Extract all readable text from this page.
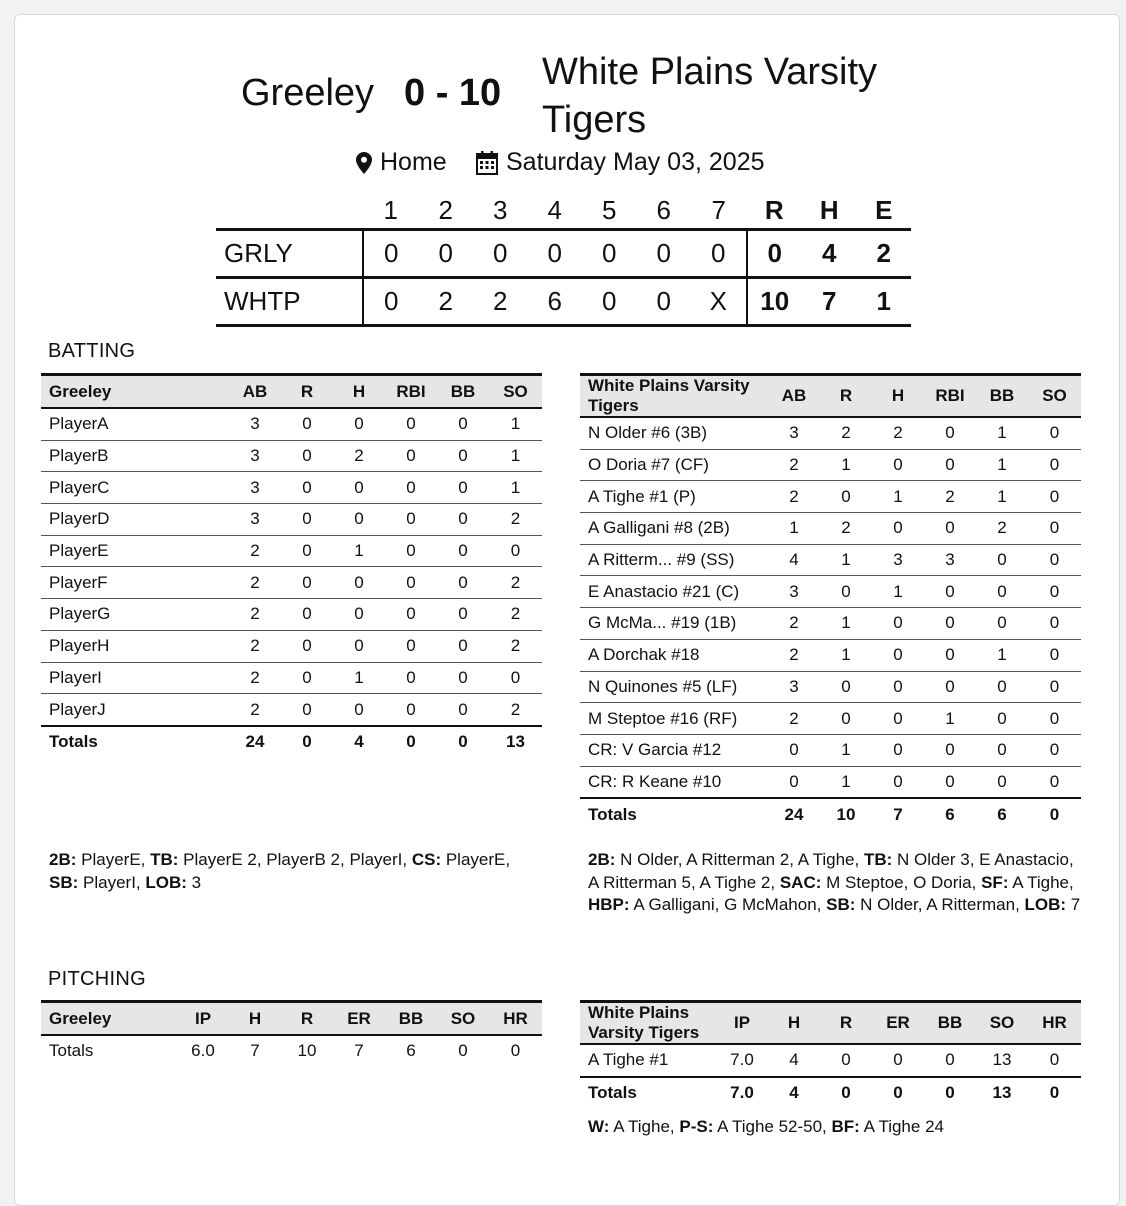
Greeley 0 - 10 White Plains Varsity Tigers
Home Saturday May 03, 2025
	1	2	3	4	5	6	7	R	H	E
GRLY	0	0	0	0	0	0	0	0	4	2
WHTP	0	2	2	6	0	0	X	10	7	1
BATTING
Greeley	AB	R	H	RBI	BB	SO
PlayerA	3	0	0	0	0	1
PlayerB	3	0	2	0	0	1
PlayerC	3	0	0	0	0	1
PlayerD	3	0	0	0	0	2
PlayerE	2	0	1	0	0	0
PlayerF	2	0	0	0	0	2
PlayerG	2	0	0	0	0	2
PlayerH	2	0	0	0	0	2
PlayerI	2	0	1	0	0	0
PlayerJ	2	0	0	0	0	2
Totals	24	0	4	0	0	13
White Plains Varsity Tigers	AB	R	H	RBI	BB	SO
N Older #6 (3B)	3	2	2	0	1	0
O Doria #7 (CF)	2	1	0	0	1	0
A Tighe #1 (P)	2	0	1	2	1	0
A Galligani #8 (2B)	1	2	0	0	2	0
A Ritterm... #9 (SS)	4	1	3	3	0	0
E Anastacio #21 (C)	3	0	1	0	0	0
G McMa... #19 (1B)	2	1	0	0	0	0
A Dorchak #18	2	1	0	0	1	0
N Quinones #5 (LF)	3	0	0	0	0	0
M Steptoe #16 (RF)	2	0	0	1	0	0
CR: V Garcia #12	0	1	0	0	0	0
CR: R Keane #10	0	1	0	0	0	0
Totals	24	10	7	6	6	0
2B: PlayerE, TB: PlayerE 2, PlayerB 2, PlayerI, CS: PlayerE, SB: PlayerI, LOB: 3
2B: N Older, A Ritterman 2, A Tighe, TB: N Older 3, E Anastacio, A Ritterman 5, A Tighe 2, SAC: M Steptoe, O Doria, SF: A Tighe, HBP: A Galligani, G McMahon, SB: N Older, A Ritterman, LOB: 7
PITCHING
Greeley	IP	H	R	ER	BB	SO	HR
Totals	6.0	7	10	7	6	0	0
White Plains Varsity Tigers	IP	H	R	ER	BB	SO	HR
A Tighe #1	7.0	4	0	0	0	13	0
Totals	7.0	4	0	0	0	13	0
W: A Tighe, P-S: A Tighe 52-50, BF: A Tighe 24
